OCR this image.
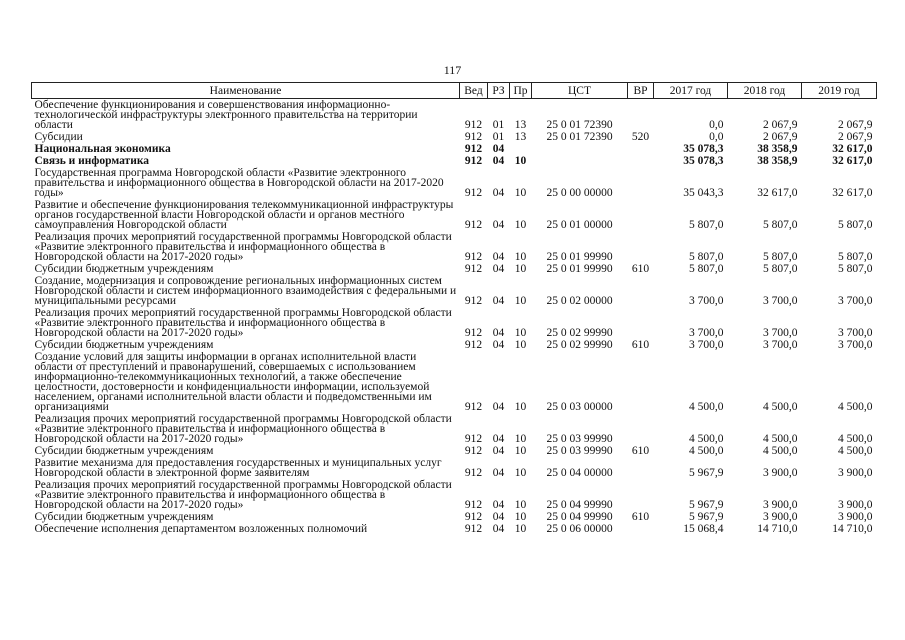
117
Наименование	Вед	РЗ	Пр	ЦСТ	ВР	2017 год	2018 год	2019 год
Обеспечение функционирования и совершенствования информационно-технологической инфраструктуры электронного правительства на территории области	912	01	13	25 0 01 72390		0,0	2 067,9	2 067,9
Субсидии	912	01	13	25 0 01 72390	520	0,0	2 067,9	2 067,9
Национальная экономика	912	04				35 078,3	38 358,9	32 617,0
Связь и информатика	912	04	10			35 078,3	38 358,9	32 617,0
Государственная программа Новгородской области «Развитие электронного правительства и информационного общества в Новгородской области на 2017-2020 годы»	912	04	10	25 0 00 00000		35 043,3	32 617,0	32 617,0
Развитие и обеспечение функционирования телекоммуникационной инфраструктуры органов государственной власти Новгородской области и органов местного самоуправления Новгородской области	912	04	10	25 0 01 00000		5 807,0	5 807,0	5 807,0
Реализация прочих мероприятий государственной программы Новгородской области «Развитие электронного правительства и информационного общества в Новгородской области на 2017-2020 годы»	912	04	10	25 0 01 99990		5 807,0	5 807,0	5 807,0
Субсидии бюджетным учреждениям	912	04	10	25 0 01 99990	610	5 807,0	5 807,0	5 807,0
Создание, модернизация и сопровождение региональных информационных систем Новгородской области и систем информационного взаимодействия с федеральными и муниципальными ресурсами	912	04	10	25 0 02 00000		3 700,0	3 700,0	3 700,0
Реализация прочих мероприятий государственной программы Новгородской области «Развитие электронного правительства и информационного общества в Новгородской области на 2017-2020 годы»	912	04	10	25 0 02 99990		3 700,0	3 700,0	3 700,0
Субсидии бюджетным учреждениям	912	04	10	25 0 02 99990	610	3 700,0	3 700,0	3 700,0
Создание условий для защиты информации в органах исполнительной власти области от преступлений и правонарушений, совершаемых с использованием информационно-телекоммуникационных технологий, а также обеспечение целостности, достоверности и конфиденциальности информации, используемой населением, органами исполнительной власти области и подведомственными им организациями	912	04	10	25 0 03 00000		4 500,0	4 500,0	4 500,0
Реализация прочих мероприятий государственной программы Новгородской области «Развитие электронного правительства и информационного общества в Новгородской области на 2017-2020 годы»	912	04	10	25 0 03 99990		4 500,0	4 500,0	4 500,0
Субсидии бюджетным учреждениям	912	04	10	25 0 03 99990	610	4 500,0	4 500,0	4 500,0
Развитие механизма для предоставления государственных и муниципальных услуг Новгородской области в электронной форме заявителям	912	04	10	25 0 04 00000		5 967,9	3 900,0	3 900,0
Реализация прочих мероприятий государственной программы Новгородской области «Развитие электронного правительства и информационного общества в Новгородской области на 2017-2020 годы»	912	04	10	25 0 04 99990		5 967,9	3 900,0	3 900,0
Субсидии бюджетным учреждениям	912	04	10	25 0 04 99990	610	5 967,9	3 900,0	3 900,0
Обеспечение исполнения департаментом возложенных полномочий	912	04	10	25 0 06 00000		15 068,4	14 710,0	14 710,0
